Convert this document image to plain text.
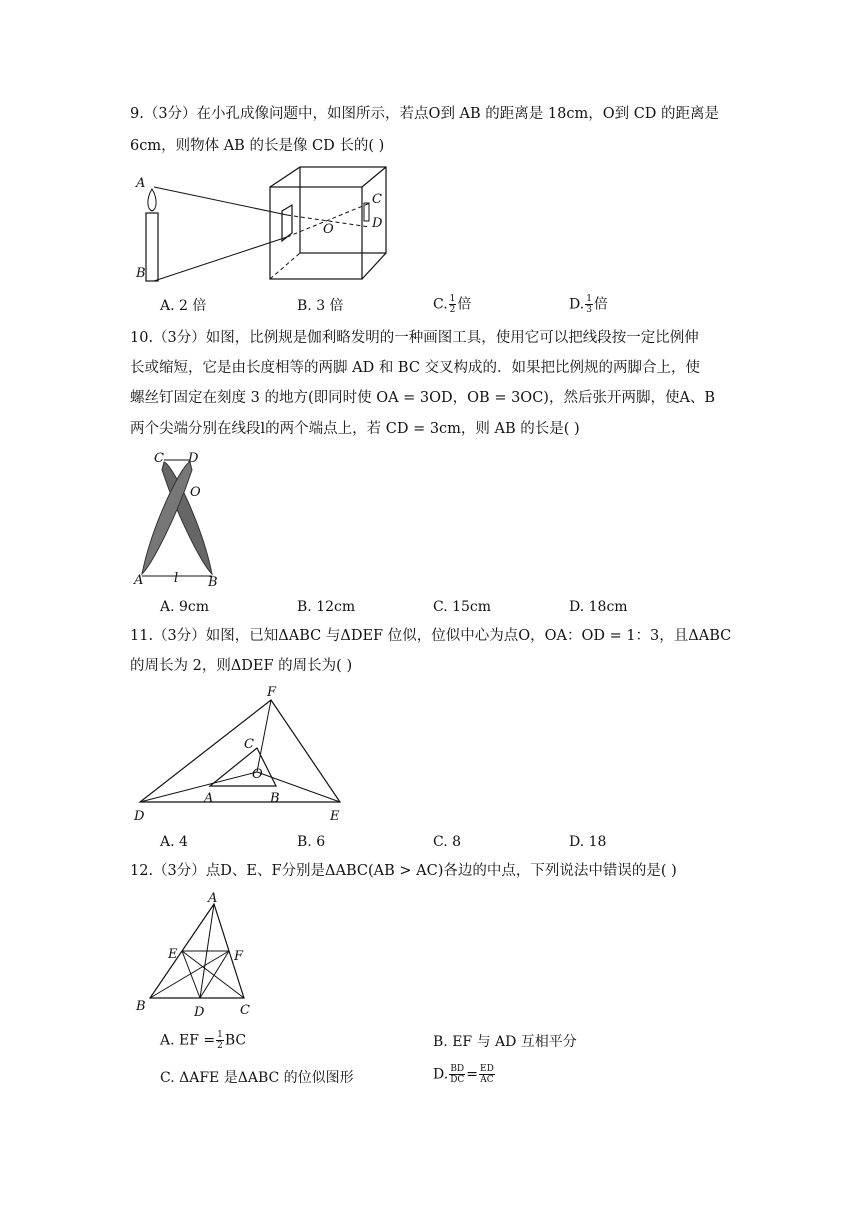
9.（3分）在小孔成像问题中，如图所示，若点O到 AB 的距离是 18cm，O到 CD 的距离是
6cm，则物体 AB 的长是像 CD 长的( )
A
B
C
D
O
A. 2 倍	B. 3 倍	C. $\frac{1}{2}$ 倍	D. $\frac{1}{3}$ 倍
10.（3分）如图，比例规是伽利略发明的一种画图工具，使用它可以把线段按一定比例伸
长或缩短，它是由长度相等的两脚 AD 和 BC 交叉构成的．如果把比例规的两脚合上，使
螺丝钉固定在刻度 3 的地方(即同时使 OA = 3OD，OB = 3OC)，然后张开两脚，使A、B
两个尖端分别在线段l的两个端点上，若 CD = 3cm，则 AB 的长是( )
C D
O
A l B
A. 9cm	B. 12cm	C. 15cm	D. 18cm
11.（3分）如图，已知ΔABC 与ΔDEF 位似，位似中心为点O，OA：OD = 1：3，且ΔABC
的周长为 2，则ΔDEF 的周长为( )
F
C
O
A	B
D	E
A. 4	B. 6	C. 8	D. 18
12.（3分）点D、E、F分别是ΔABC(AB > AC)各边的中点，下列说法中错误的是( )
A
E	F
B	D	C
A. EF = $\frac{1}{2}$ BC	B. EF 与 AD 互相平分
C. ΔAFE 是ΔABC 的位似图形	D. $\frac{BD}{DC} = \frac{ED}{AC}$
